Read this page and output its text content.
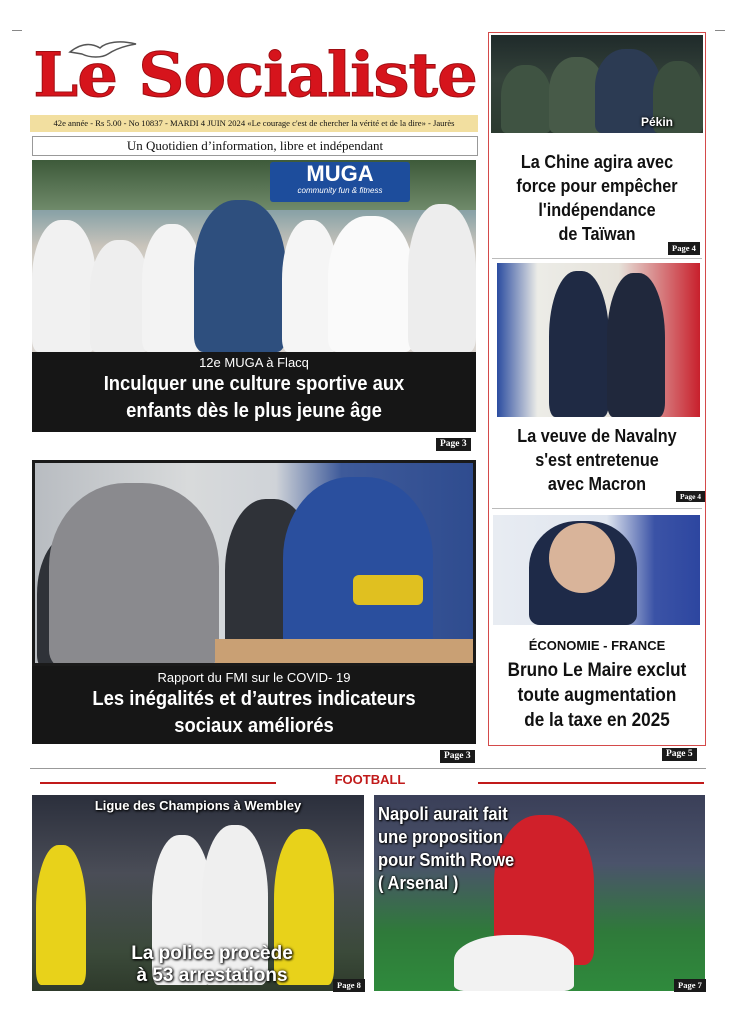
Le Socialiste
42e année - Rs 5.00 - No 10837 - MARDI 4 JUIN 2024 «Le courage c'est de chercher la vérité et de la dire» - Jaurès
Un Quotidien d’information, libre et indépendant
MUGA
community fun & fitness
12e MUGA à Flacq
Inculquer une culture sportive aux
enfants dès le plus jeune âge
Page 3
Rapport du FMI sur le COVID- 19
Les inégalités et d’autres indicateurs
sociaux améliorés
Page 3
Pékin
La Chine agira avec
force pour empêcher
l'indépendance
de Taïwan
Page 4
La veuve de Navalny
s'est entretenue
avec Macron
Page 4
ÉCONOMIE - FRANCE
Bruno Le Maire exclut
toute augmentation
de la taxe en 2025
Page 5
FOOTBALL
Ligue des Champions à Wembley
La police procède
à 53 arrestations	Page 8
Napoli aurait fait
une proposition
pour Smith Rowe
( Arsenal )
Page 7
